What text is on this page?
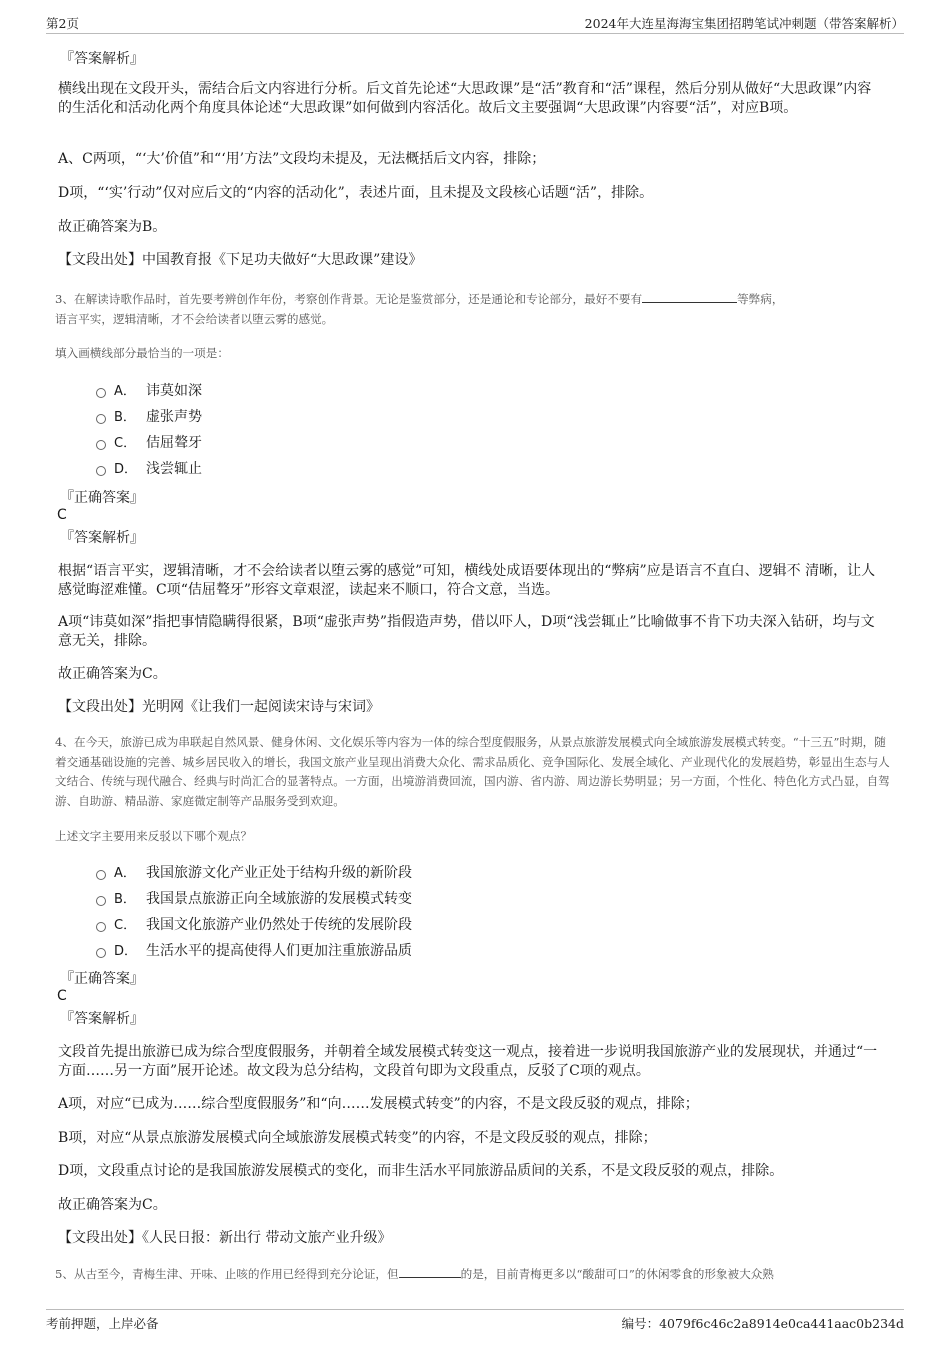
第2页	2024年大连星海海宝集团招聘笔试冲刺题（带答案解析）
『答案解析』
横线出现在文段开头，需结合后文内容进行分析。后文首先论述“大思政课”是“活”教育和“活”课程，然后分别从做好“大思政课”内容的生活化和活动化两个角度具体论述“大思政课”如何做到内容活化。故后文主要强调“大思政课”内容要“活”，对应B项。
A、C两项，“‘大’价值”和“‘用’方法”文段均未提及，无法概括后文内容，排除；
D项，“‘实’行动”仅对应后文的“内容的活动化”，表述片面，且未提及文段核心话题“活”，排除。
故正确答案为B。
【文段出处】中国教育报《下足功夫做好“大思政课”建设》
3、在解读诗歌作品时，首先要考辨创作年份，考察创作背景。无论是鉴赏部分，还是通论和专论部分，最好不要有	等弊病，
语言平实，逻辑清晰，才不会给读者以堕云雾的感觉。
填入画横线部分最恰当的一项是：
A． 讳莫如深
B． 虚张声势
C． 佶屈聱牙
D． 浅尝辄止
『正确答案』
C
『答案解析』
根据“语言平实，逻辑清晰，才不会给读者以堕云雾的感觉”可知，横线处成语要体现出的“弊病”应是语言不直白、逻辑不 清晰，让人感觉晦涩难懂。C项“佶屈聱牙”形容文章艰涩，读起来不顺口，符合文意，当选。
A项“讳莫如深”指把事情隐瞒得很紧，B项“虚张声势”指假造声势，借以吓人，D项“浅尝辄止”比喻做事不肯下功夫深入钻研，均与文意无关，排除。
故正确答案为C。
【文段出处】光明网《让我们一起阅读宋诗与宋词》
4、在今天，旅游已成为串联起自然风景、健身休闲、文化娱乐等内容为一体的综合型度假服务，从景点旅游发展模式向全域旅游发展模式转变。“十三五”时期，随着交通基础设施的完善、城乡居民收入的增长，我国文旅产业呈现出消费大众化、需求品质化、竞争国际化、发展全域化、产业现代化的发展趋势，彰显出生态与人文结合、传统与现代融合、经典与时尚汇合的显著特点。一方面，出境游消费回流，国内游、省内游、周边游长势明显；另一方面，个性化、特色化方式凸显，自驾游、自助游、精品游、家庭微定制等产品服务受到欢迎。
上述文字主要用来反驳以下哪个观点？
A． 我国旅游文化产业正处于结构升级的新阶段
B． 我国景点旅游正向全域旅游的发展模式转变
C． 我国文化旅游产业仍然处于传统的发展阶段
D． 生活水平的提高使得人们更加注重旅游品质
『正确答案』
C
『答案解析』
文段首先提出旅游已成为综合型度假服务，并朝着全域发展模式转变这一观点，接着进一步说明我国旅游产业的发展现状，并通过“一方面……另一方面”展开论述。故文段为总分结构，文段首句即为文段重点，反驳了C项的观点。
A项，对应“已成为……综合型度假服务”和“向……发展模式转变”的内容，不是文段反驳的观点，排除；
B项，对应“从景点旅游发展模式向全域旅游发展模式转变”的内容，不是文段反驳的观点，排除；
D项，文段重点讨论的是我国旅游发展模式的变化，而非生活水平同旅游品质间的关系，不是文段反驳的观点，排除。
故正确答案为C。
【文段出处】《人民日报：新出行 带动文旅产业升级》
5、从古至今，青梅生津、开味、止咳的作用已经得到充分论证，但	的是，目前青梅更多以“酸甜可口”的休闲零食的形象被大众熟
考前押题，上岸必备	编号：4079f6c46c2a8914e0ca441aac0b234d
